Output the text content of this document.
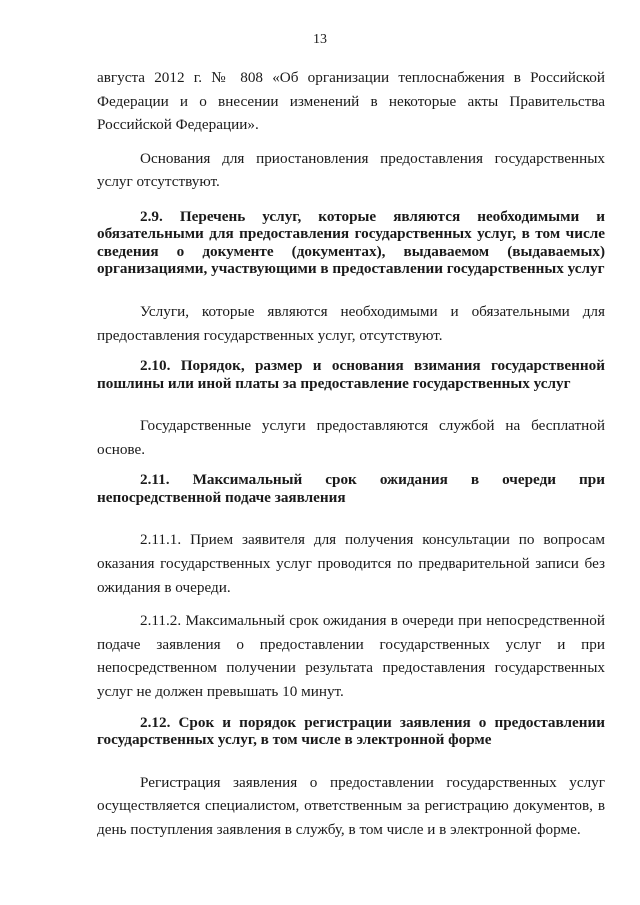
13

августа 2012 г. № 808 «Об организации теплоснабжения в Российской Федерации и о внесении изменений в некоторые акты Правительства Российской Федерации».

Основания для приостановления предоставления государственных услуг отсутствуют.

2.9. Перечень услуг, которые являются необходимыми и обязательными для предоставления государственных услуг, в том числе сведения о документе (документах), выдаваемом (выдаваемых) организациями, участвующими в предоставлении государственных услуг

Услуги, которые являются необходимыми и обязательными для предоставления государственных услуг, отсутствуют.

2.10. Порядок, размер и основания взимания государственной пошлины или иной платы за предоставление государственных услуг

Государственные услуги предоставляются службой на бесплатной основе.

2.11. Максимальный срок ожидания в очереди при непосредственной подаче заявления

2.11.1. Прием заявителя для получения консультации по вопросам оказания государственных услуг проводится по предварительной записи без ожидания в очереди.

2.11.2. Максимальный срок ожидания в очереди при непосредственной подаче заявления о предоставлении государственных услуг и при непосредственном получении результата предоставления государственных услуг не должен превышать 10 минут.

2.12. Срок и порядок регистрации заявления о предоставлении государственных услуг, в том числе в электронной форме

Регистрация заявления о предоставлении государственных услуг осуществляется специалистом, ответственным за регистрацию документов, в день поступления заявления в службу, в том числе и в электронной форме.
